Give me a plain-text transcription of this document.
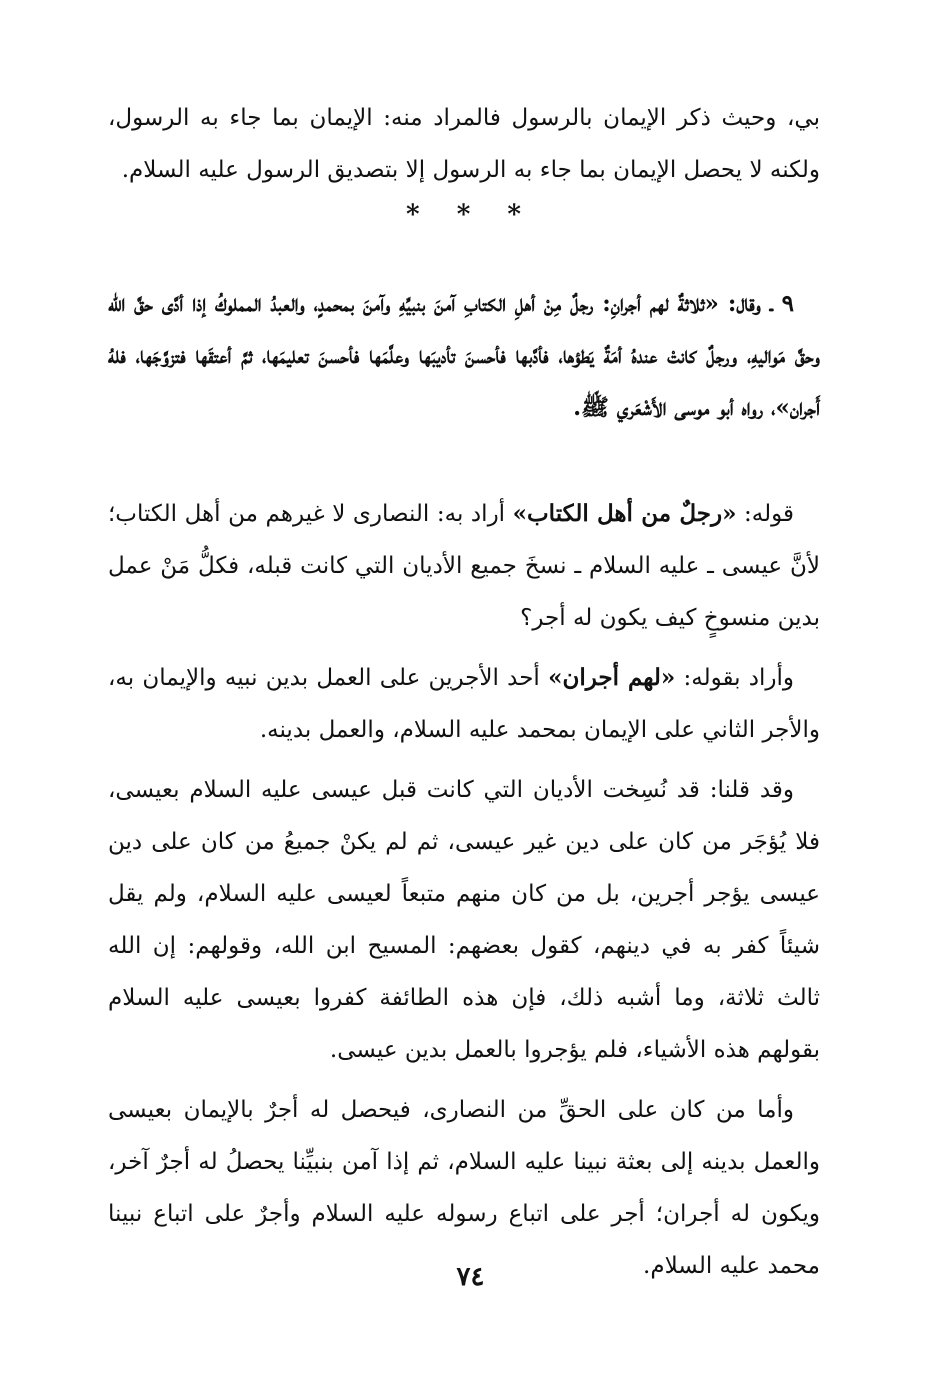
بي، وحيث ذكر الإيمان بالرسول فالمراد منه: الإيمان بما جاء به الرسول، ولكنه لا يحصل الإيمان بما جاء به الرسول إلا بتصديق الرسول عليه السلام.

* * *

٩ ـ وقال: «ثلاثةٌ لهم أجرانِ: رجلٌ مِنْ أهلِ الكتابِ آمنَ بنبيِّهِ وآمنَ بمحمدٍ، والعبدُ المملوكُ إذا أدَّى حقَّ الله وحقَّ مَواليهِ، ورجلٌ كانتْ عندهُ أمَةٌ يَطؤها، فأدَّبها فأحسنَ تأديبَها وعلَّمَها فأحسنَ تعليمَها، ثمَّ أعتقَها فتزوَّجَها، فلهُ أَجران»، رواه أبو موسى الأَشْعَري ﷺ.

قوله: «رجلٌ من أهل الكتاب» أراد به: النصارى لا غيرهم من أهل الكتاب؛ لأنَّ عيسى ـ عليه السلام ـ نسخَ جميع الأديان التي كانت قبله، فكلُّ مَنْ عمل بدين منسوخٍ كيف يكون له أجر؟

وأراد بقوله: «لهم أجران» أحد الأجرين على العمل بدين نبيه والإيمان به، والأجر الثاني على الإيمان بمحمد عليه السلام، والعمل بدينه.

وقد قلنا: قد نُسِخت الأديان التي كانت قبل عيسى عليه السلام بعيسى، فلا يُؤجَر من كان على دين غير عيسى، ثم لم يكنْ جميعُ من كان على دين عيسى يؤجر أجرين، بل من كان منهم متبعاً لعيسى عليه السلام، ولم يقل شيئاً كفر به في دينهم، كقول بعضهم: المسيح ابن الله، وقولهم: إن الله ثالث ثلاثة، وما أشبه ذلك، فإن هذه الطائفة كفروا بعيسى عليه السلام بقولهم هذه الأشياء، فلم يؤجروا بالعمل بدين عيسى.

وأما من كان على الحقِّ من النصارى، فيحصل له أجرٌ بالإيمان بعيسى والعمل بدينه إلى بعثة نبينا عليه السلام، ثم إذا آمن بنبيِّنا يحصلُ له أجرٌ آخر، ويكون له أجران؛ أجر على اتباع رسوله عليه السلام وأجرٌ على اتباع نبينا محمد عليه السلام.

٧٤
